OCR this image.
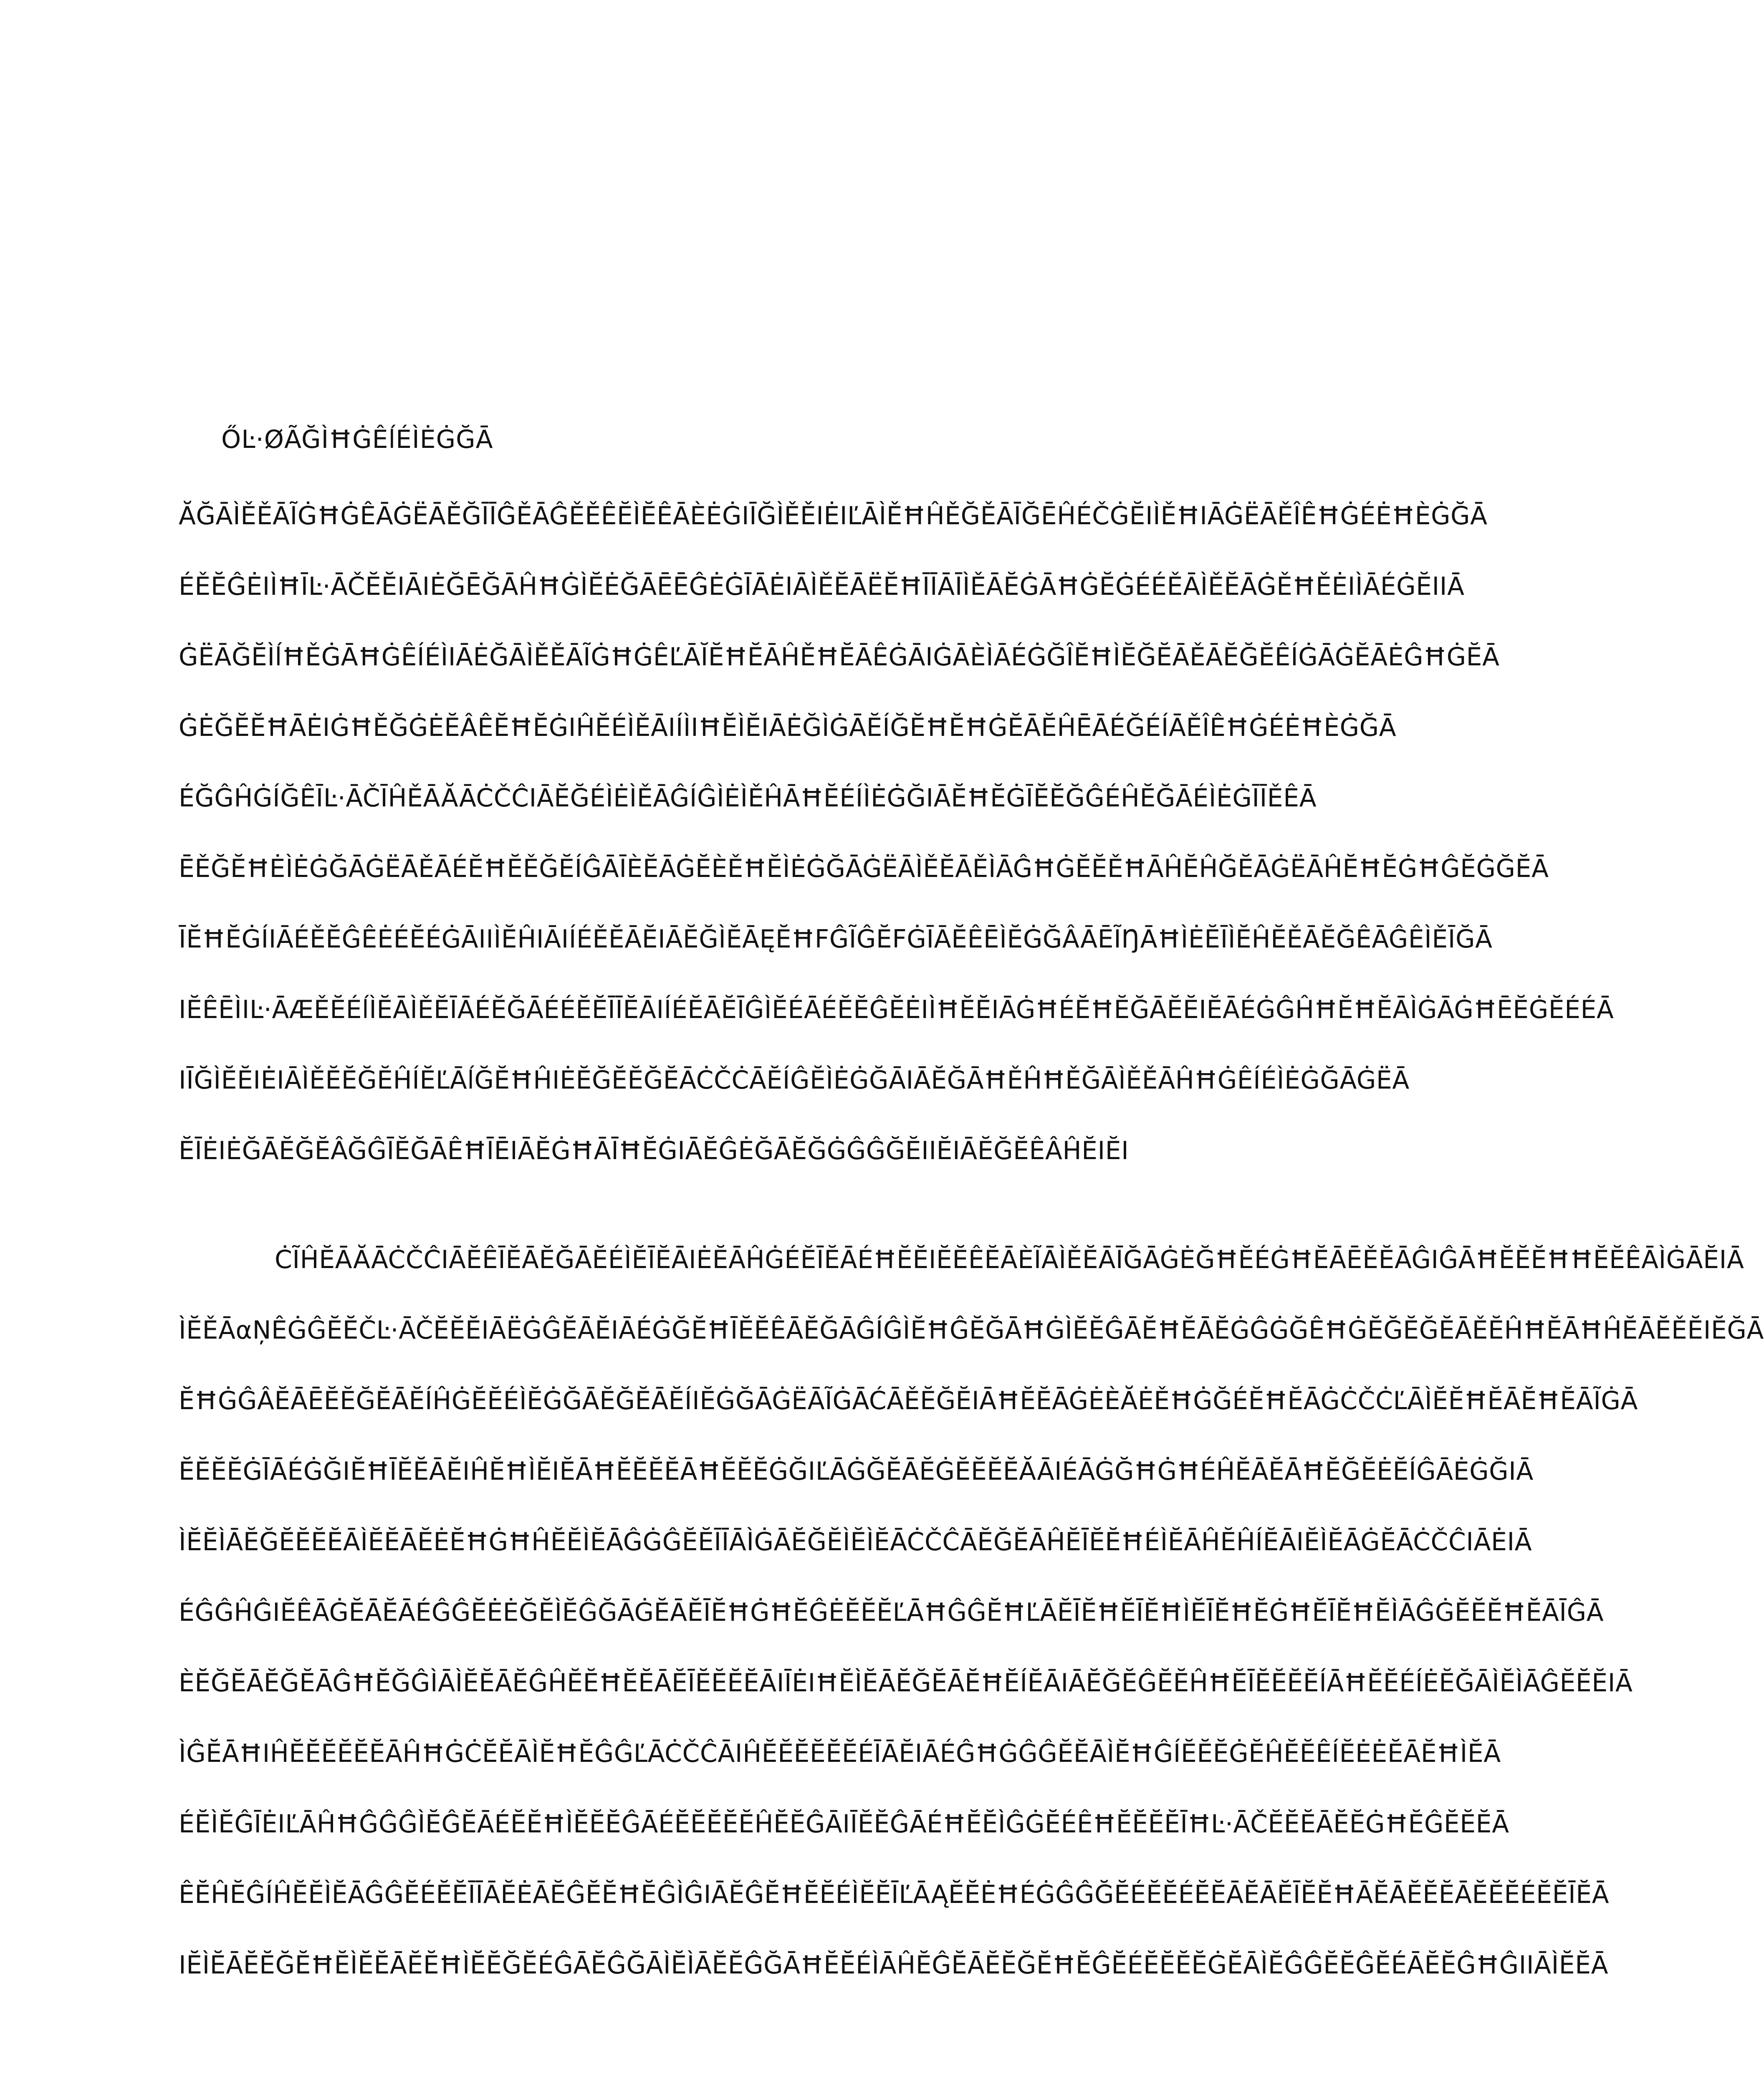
ŐĿ·ØÃĞÌĦĠÊĺÉÌĖĠĞĀ
ĂĞĀÌĚĚĀĨĠĦĠÊĀĠËĀĚĞĪĪĜĚĀĜĚĚÊĔÌĔÊĀÈĖĠIĪĞÌĚĚIĖIĽĀÌĚĦĤĚĞĚĀĪĞĒĤÉČĠĔIÌĚĦIĀĠËĀĚÎÊĦĠÉĖĦÈĠĞĀ
ÉĚĔĜĖIÌĦĪĿ·ĀČĔĔIĀIĖĞĒĞĀĤĦĠÌĔĖĞĀĒĒĜĖĠĪĀĖIĀÌĚĔĀËĔĦĪĪĀĪÌĚĀĔĠĀĦĠĔĠÉÉĚĀÌĚĔĀĠĚĦĚĖIÌĀÉĠĔIIĀ
ĠËĀĞĔÌĺĦĚĠĀĦĠÊÍÉÌIĀĖĞĀÌĚĚĀĨĠĦĠÊĽĀĬĔĦĔĀĤĚĦĔĀÊĠĀIĠĀÈÌĀÉĠĞÎĔĦÌĔĞĔĀĚĀĔĞĔÊÍĠĀĠĔĀĖĜĦĠĔĀ
ĠĖĞĔĔĦĀĖIĠĦĚĞĠĖĔÂÊĔĦĔĠIĤĔÉÌĚĀIÍÌIĦĔÌĔIĀĖĞÌĠĀĔÍĞĔĦĔĦĠĔĀĔĤĒĀÉĞÉÍĀĚÎÊĦĠÉĖĦÈĠĞĀ
ÉĞĜĤĠÍĞÊĪĿ·ĀČĪĤĚĀĂĀĊČĈIĀĔĞÉÌĖÌĚĀĜÍĜÌĖÌĚĤĀĦĔÉÍÌĖĠĞIĀĔĦĔĠĪĔĔĞĜÉĤĔĞĀÉÌĖĠĪĪĚÊĀ
ĒĚĞĔĦĖÌĖĠĞĀĠËĀĚĀÉĔĦĔĚĞĔÍĜĀĪÈĔĀĠĔÈĚĦĔÌĖĠĞĀĠËĀÌĚĔĀĚÌĀĜĦĠĔĔĚĦĀĤĔĤĞĔĀĠËĀĤĔĦĔĠĦĜĔĠĞĔĀ
ĪĔĦĔĠÍIĀÉĚĔĜÊĖÉĔÉĠĀIIÌĔĤIĀIÍÉĚĔĀĔIĀĔĞÌĔĀĘĔĦFĜĨĜĔFĠĪĀĔÊĒÌĔĠĞÂĀĒĨŊĀĦÌĖĔĪÌĔĤĔĚĀĔĞÊĀĜÊÌĚĪĞĀ
IĔÊĒÌIĿ·ĀÆĚĔÉĺÌĔĀÌĚĔĪĀÉĔĞĀÉÉĔĔĪĪĔĀIÍÉĔĀĔĪĜÌĔÉĀÉĔĔĜĔĖIÌĦĔĔIĀĠĦÉĔĦĔĞĀĔĔIĔĀÉĠĜĤĦĔĦĔĀÌĠĀĠĦĒĔĠĔÉÉĀ
IĪĞÌĔĔIĖIĀÌĚĔĔĞĔĤÍĔĽĀĺĞĔĦĤIĖĔĞĔĔĞĔĀĊČĊĀĔÍĜĔÌĖĠĞĀIĀĔĞĀĦĚĤĦĚĞĀÌĚĚĀĤĦĠÊÍÉÌĖĠĞĀĠËĀ
ĔĪĖIĖĞĀĔĞĔÂĞĜĪĔĞĀÊĦĪĒIĀĔĠĦĀĪĦĔĠIĀĔĜĖĞĀĔĞĠĜĜĞĔIIĔIĀĔĞĔÊÂĤĔIĔI
ĊĨĤĔĀĂĀĊČĈIĀĔÊĪĔĀĔĞĀĔÉÌĔĪĔĀIĖĔĀĤĠÉĔĪĔĀÉĦĔĔIĔĔÊĔĀÈĨĀÌĚĔĀĪĞĀĠĖĞĦĔÉĠĦĔĀĒĚĔĀĜIĜĀĦĔĔĔĦĦĔĔÊĀÌĠĀĔIĀ
ÌĔĚĀαŅÊĠĜĔĔČĿ·ĀČĔĔĔIĀËĠĜĔĀĔIĀÉĠĞĔĦĪĔĔÊĀĔĞĀĜÍĜÌĔĦĜĔĞĀĦĠÌĔĔĜĀĔĦĔĀĔĠĜĠĞÊĦĠĔĞĔĞĔĀĚĔĤĦĔĀĦĤĔĀĔĚĔIĔĞĀ
ĔĦĠĜÂĔĀĒĔĔĞĔĀĔÍĤĠĔĔÉÌĔĠĞĀĔĞĔĀĔÍIĔĠĞĀĠËĀĨĠĀĆĀĚĔĞĔIĀĦĔĔĀĠĖÈĂĖĚĦĠĞÉĔĦĔĀĠĊČĊĽĀÌĔĔĦĔĀĔĦĔĀĨĠĀ
ĔĔĔĔĠĪĀÉĠĞIĔĦĪĔĔĀĔIĤĔĦÌĔIĔĀĦĔĔĔĔĀĦĔĔĔĠĞIĽĀĠĞĔĀĔĠĔĔĔĔĂĀIÉĀĠĞĦĠĦÉĤĔĀĔĀĦĔĞĔĖĔÍĜĀĖĠĞIĀ
ÌĔĔÌĀĔĞĔĔĔĔĀÌĔĔĀĔĖĔĦĠĦĤĔĔÌĔĀĜĠĜĔĔĪĪĀÌĠĀĔĞĔÌĔÌĔĀĊČĈĀĔĞĔĀĤĔĪĔĔĦÉÌĔĀĤĔĤÍĔĀIĔÌĔĀĠĔĀĊČĈIĀĖIĀ
ÉĜĜĤĜIĔÊĀĠĔĀĔĀÉĜĜĔĖĖĞĔÌĔĜĞĀĠĔĀĔĪĔĦĠĦĔĜĖĔĔĔĽĀĦĜĜĔĦĽĀĔĪĔĦĔĪĔĦÌĔĪĔĦĔĠĦĔĪĔĦĔÌĀĜĠĔĔĔĦĔĀĪĜĀ
ÈĔĞĔĀĔĞĔĀĜĦĔĞĜÌĀÌĔĔĀĔĜĤĔĔĦĔĔĀĔĪĔĔĔĔĀIĪĖIĦĔÌĔĀĔĞĔĀĔĦĔÍĔĀIĀĔĞĔĜĔĔĤĦĔĪĔĔĔĔÍĀĦĔĔÉÍĖĔĞĀÌĔÌĀĜĔĔĔIĀ
ÌĜĔĀĦIĤĔĔĔĔĔĔĀĤĦĠĊĔĔĀÌĔĦĔĜĜĽĀĊČĈĀIĤĔĔĔĔĔĔÉĪĀĔIĀÉĜĦĠĜĜĔĔĀÌĔĦĜÍĔĔĔĠĔĤĔĔÊÍĔĖĖĔĀĔĦÌĔĀ
ÉĔÌĔĜĪĖIĽĀĤĦĜĜĜÌĔĜĔĀÉĔĔĦÌĔĔĔĜĀÉĔĔĔĔĔĤĔĔĜĀIĪĔĔĜĀÉĦĔĔÌĜĠĔÉÊĦĔĔĔĔĪĦĿ·ĀČĔĔĔĀĔĔĠĦĔĜĔĔĔĀ
ÊĔĤĔĜÍĤĔĔÌĔĀĜĜĔÉĔĔĪĪĀĔĖĀĔĜĔĔĦĔĜÌĜIĀĔĜĔĦĔĔÉÌĔĔĪĽĀĄĔĔĖĦÉĠĜĜĞĔÉĔĔÉĔĔĀĔĀĔĪĔĔĦĀĔĀĔĔĔĀĔĔĔÉĔĔĪĔĀ
IĔÌĔĀĔĔĞĔĦĔÌĔĔĀĔĔĦÌĔĔĞĔÉĜĀĔĜĞĀÌĔÌĀĔĔĜĞĀĦĔĔÉÌĀĤĔĜĔĀĔĔĞĔĦĔĜĔÉĔĔĔĔĠĔĀÌĔĜĜĔĔĜĔÉĀĔĔĜĦĜIIĀÌĔĔĀ
